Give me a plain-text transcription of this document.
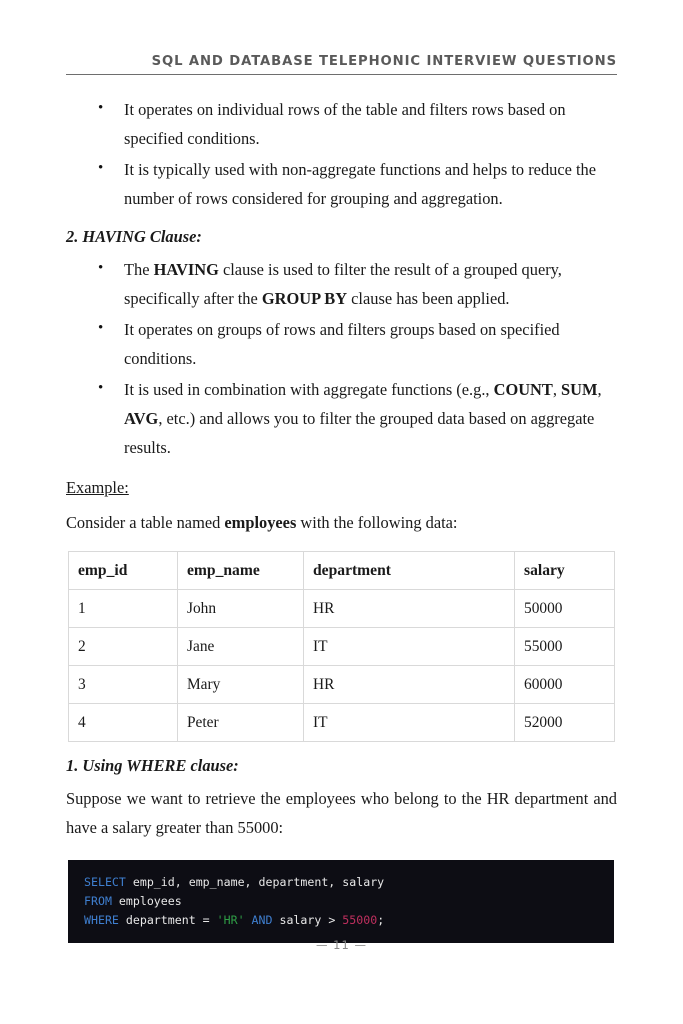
SQL AND DATABASE TELEPHONIC INTERVIEW QUESTIONS
• It operates on individual rows of the table and filters rows based on specified conditions.
• It is typically used with non-aggregate functions and helps to reduce the number of rows considered for grouping and aggregation.
2. HAVING Clause:
• The HAVING clause is used to filter the result of a grouped query, specifically after the GROUP BY clause has been applied.
• It operates on groups of rows and filters groups based on specified conditions.
• It is used in combination with aggregate functions (e.g., COUNT, SUM, AVG, etc.) and allows you to filter the grouped data based on aggregate results.
Example:

Consider a table named employees with the following data:

emp_id	emp_name	department	salary
1	John	HR	50000
2	Jane	IT	55000
3	Mary	HR	60000
4	Peter	IT	52000
1. Using WHERE clause:

Suppose we want to retrieve the employees who belong to the HR department and have a salary greater than 55000:

SELECT emp_id, emp_name, department, salary
FROM employees
WHERE department = 'HR' AND salary > 55000;
— 11 —
